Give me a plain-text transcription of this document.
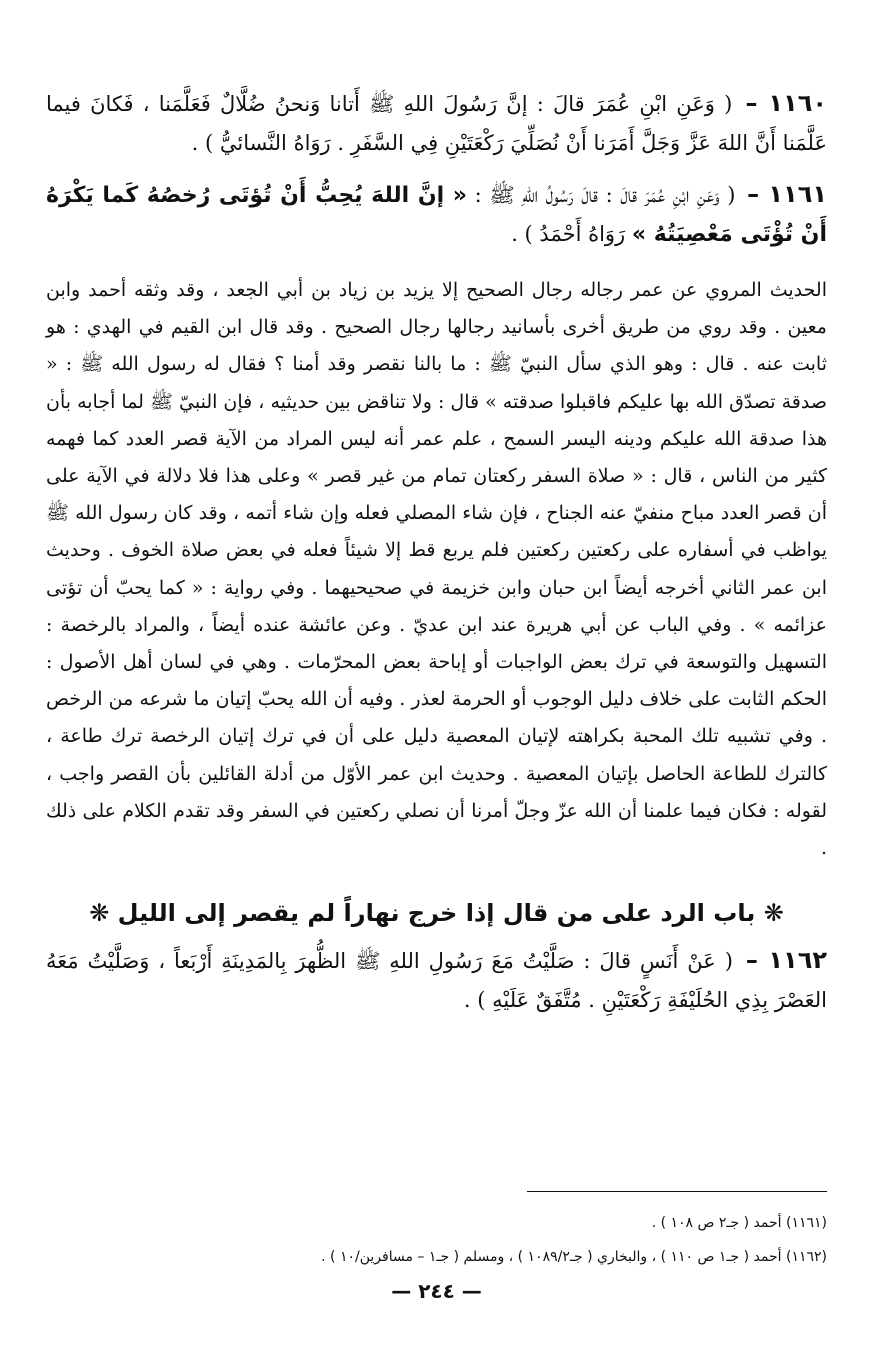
١١٦٠ – ( وَعَنِ ابْنِ عُمَرَ قالَ : إنَّ رَسُولَ اللهِ ﷺ أَتانا وَنحنُ ضُلَّالٌ فَعَلَّمَنا ، فَكانَ فيما عَلَّمَنا أَنَّ اللهَ عَزَّ وَجَلَّ أَمَرَنا أَنْ نُصَلِّيَ رَكْعَتَيْنِ فِي السَّفَرِ . رَوَاهُ النَّسائيُّ ) .

١١٦١ – ( وَعَنِ ابْنِ عُمَرَ قالَ : قالَ رَسُولُ اللهِ ﷺ : « إنَّ اللهَ يُحِبُّ أَنْ تُؤتَى رُخصُهُ كَما يَكْرَهُ أَنْ تُؤْتَى مَعْصِيَتُهُ » رَوَاهُ أَحْمَدُ ) .

الحديث المروي عن عمر رجاله رجال الصحيح إلا يزيد بن زياد بن أبي الجعد ، وقد وثقه أحمد وابن معين . وقد روي من طريق أخرى بأسانيد رجالها رجال الصحيح . وقد قال ابن القيم في الهدي : هو ثابت عنه . قال : وهو الذي سأل النبيّ ﷺ : ما بالنا نقصر وقد أمنا ؟ فقال له رسول الله ﷺ : « صدقة تصدّق الله بها عليكم فاقبلوا صدقته » قال : ولا تناقض بين حديثيه ، فإن النبيّ ﷺ لما أجابه بأن هذا صدقة الله عليكم ودينه اليسر السمح ، علم عمر أنه ليس المراد من الآية قصر العدد كما فهمه كثير من الناس ، قال : « صلاة السفر ركعتان تمام من غير قصر » وعلى هذا فلا دلالة في الآية على أن قصر العدد مباح منفيّ عنه الجناح ، فإن شاء المصلي فعله وإن شاء أتمه ، وقد كان رسول الله ﷺ يواظب في أسفاره على ركعتين ركعتين فلم يربع قط إلا شيئاً فعله في بعض صلاة الخوف . وحديث ابن عمر الثاني أخرجه أيضاً ابن حبان وابن خزيمة في صحيحيهما . وفي رواية : « كما يحبّ أن تؤتى عزائمه » . وفي الباب عن أبي هريرة عند ابن عديّ . وعن عائشة عنده أيضاً ، والمراد بالرخصة : التسهيل والتوسعة في ترك بعض الواجبات أو إباحة بعض المحرّمات . وهي في لسان أهل الأصول : الحكم الثابت على خلاف دليل الوجوب أو الحرمة لعذر . وفيه أن الله يحبّ إتيان ما شرعه من الرخص . وفي تشبيه تلك المحبة بكراهته لإتيان المعصية دليل على أن في ترك إتيان الرخصة ترك طاعة ، كالترك للطاعة الحاصل بإتيان المعصية . وحديث ابن عمر الأوّل من أدلة القائلين بأن القصر واجب ، لقوله : فكان فيما علمنا أن الله عزّ وجلّ أمرنا أن نصلي ركعتين في السفر وقد تقدم الكلام على ذلك .

❋ باب الرد على من قال إذا خرج نهاراً لم يقصر إلى الليل ❋

١١٦٢ – ( عَنْ أَنَسٍ قالَ : صَلَّيْتُ مَعَ رَسُولِ اللهِ ﷺ الظُّهرَ بِالمَدِينَةِ أَرْبَعاً ، وَصَلَّيْتُ مَعَهُ العَصْرَ بِذِي الحُلَيْفَةِ رَكْعَتَيْنِ . مُتَّفَقٌ عَلَيْهِ ) .

(١١٦١) أحمد ( جـ٢ ص ١٠٨ ) .
(١١٦٢) أحمد ( جـ١ ص ١١٠ ) ، والبخاري ( جـ١٠٨٩/٢ ) ، ومسلم ( جـ١ – مسافرين/١٠ ) .
— ٢٤٤ —
